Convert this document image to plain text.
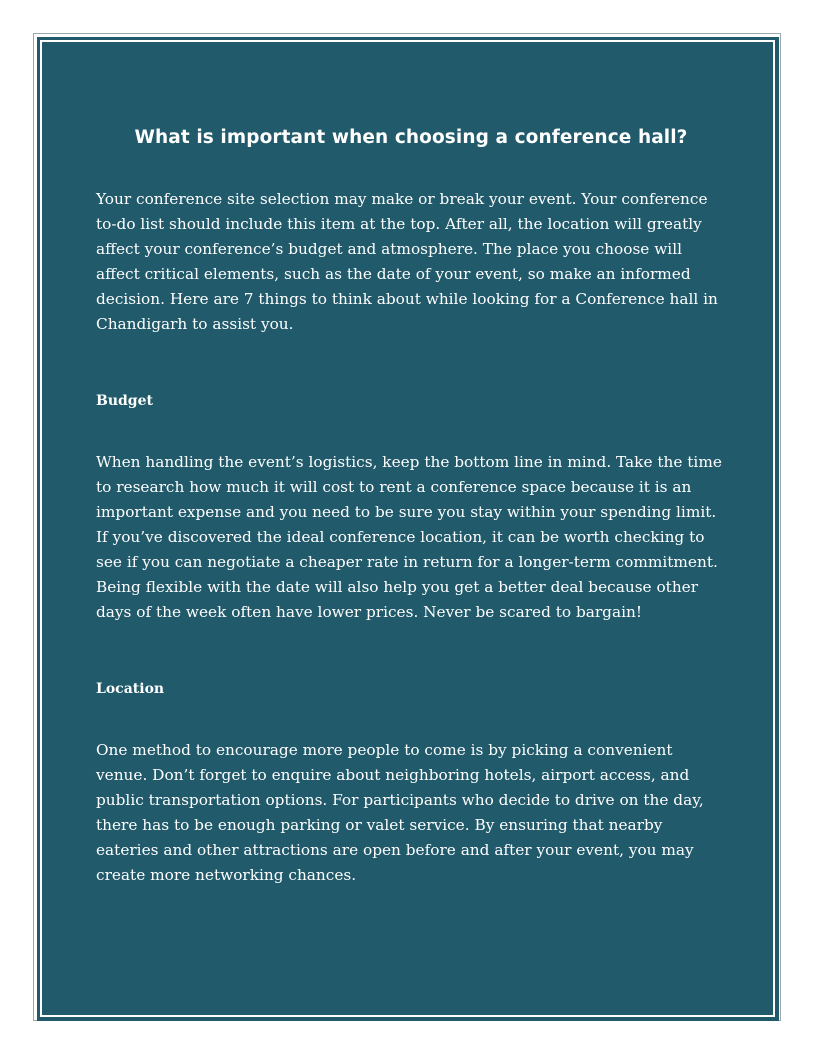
What is important when choosing a conference hall?

Your conference site selection may make or break your event. Your conference to-do list should include this item at the top. After all, the location will greatly affect your conference’s budget and atmosphere. The place you choose will affect critical elements, such as the date of your event, so make an informed decision. Here are 7 things to think about while looking for a Conference hall in Chandigarh to assist you.

Budget

When handling the event’s logistics, keep the bottom line in mind. Take the time to research how much it will cost to rent a conference space because it is an important expense and you need to be sure you stay within your spending limit. If you’ve discovered the ideal conference location, it can be worth checking to see if you can negotiate a cheaper rate in return for a longer-term commitment. Being flexible with the date will also help you get a better deal because other days of the week often have lower prices. Never be scared to bargain!

Location

One method to encourage more people to come is by picking a convenient venue. Don’t forget to enquire about neighboring hotels, airport access, and public transportation options. For participants who decide to drive on the day, there has to be enough parking or valet service. By ensuring that nearby eateries and other attractions are open before and after your event, you may create more networking chances.
